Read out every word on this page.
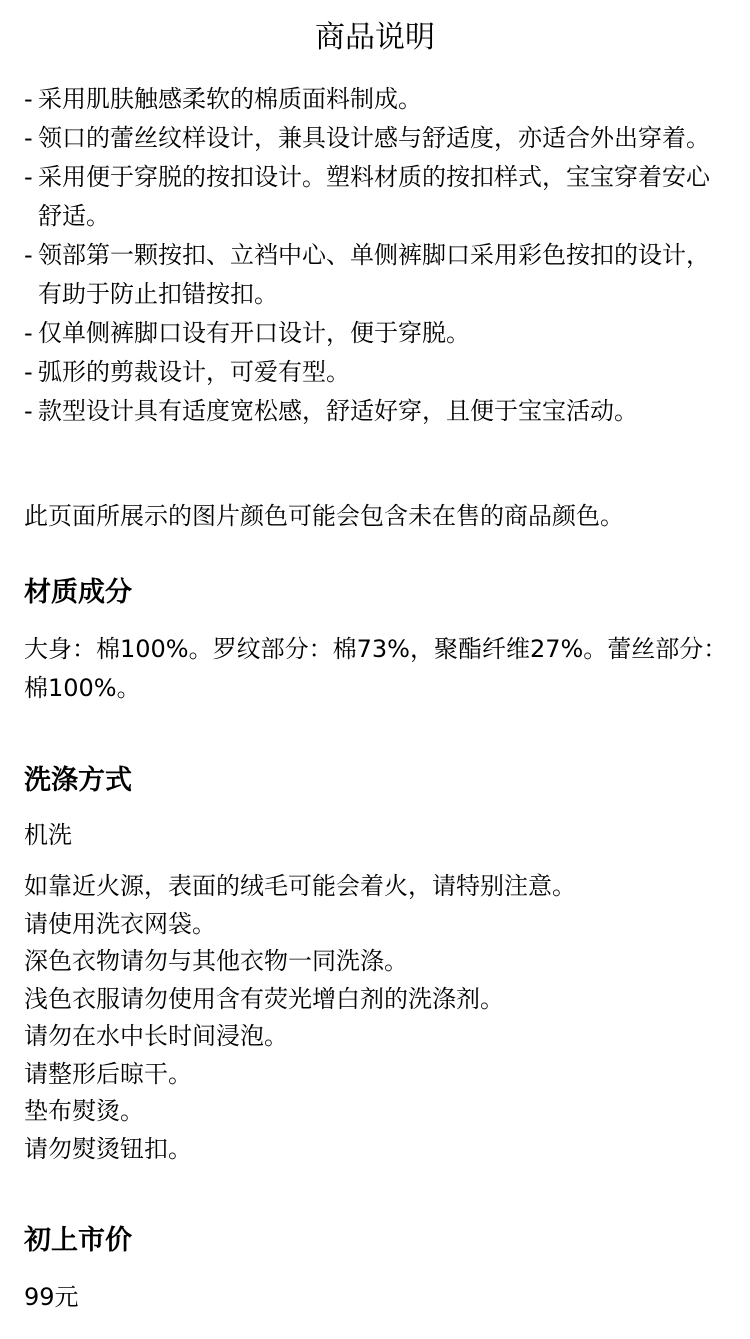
商品说明
- 采用肌肤触感柔软的棉质面料制成。
- 领口的蕾丝纹样设计，兼具设计感与舒适度，亦适合外出穿着。
- 采用便于穿脱的按扣设计。塑料材质的按扣样式，宝宝穿着安心舒适。
- 领部第一颗按扣、立裆中心、单侧裤脚口采用彩色按扣的设计，有助于防止扣错按扣。
- 仅单侧裤脚口设有开口设计，便于穿脱。
- 弧形的剪裁设计，可爱有型。
- 款型设计具有适度宽松感，舒适好穿，且便于宝宝活动。
此页面所展示的图片颜色可能会包含未在售的商品颜色。
材质成分
大身：棉100%。罗纹部分：棉73%，聚酯纤维27%。蕾丝部分：棉100%。
洗涤方式
机洗
如靠近火源，表面的绒毛可能会着火，请特别注意。
请使用洗衣网袋。
深色衣物请勿与其他衣物一同洗涤。
浅色衣服请勿使用含有荧光增白剂的洗涤剂。
请勿在水中长时间浸泡。
请整形后晾干。
垫布熨烫。
请勿熨烫钮扣。
初上市价
99元
